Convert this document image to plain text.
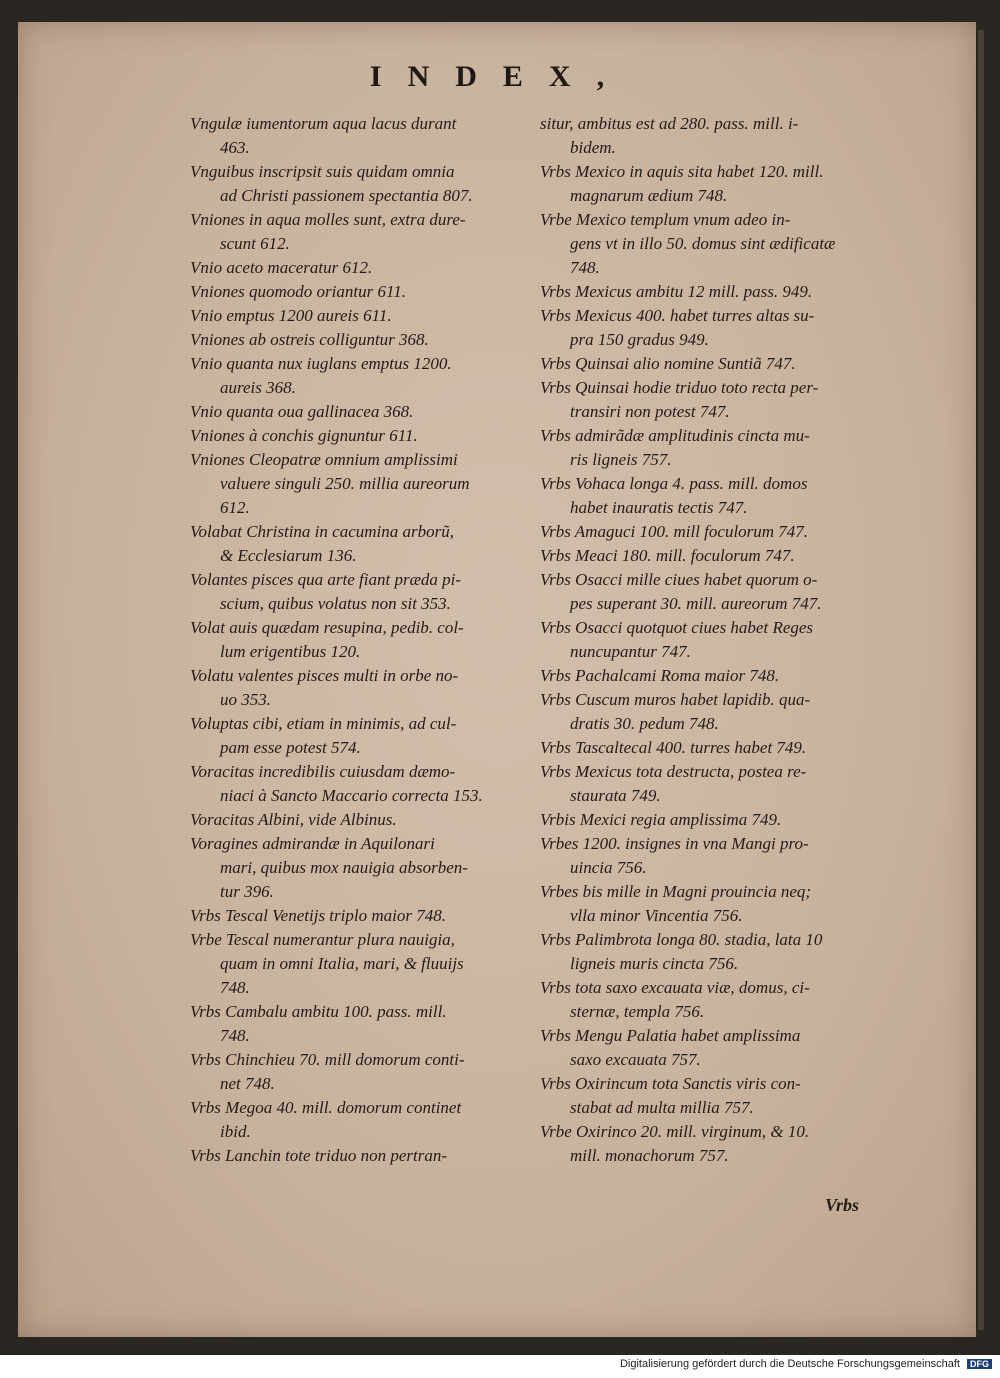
INDEX,
Vngulæ iumentorum aqua lacus durant
463.
Vnguibus inscripsit suis quidam omnia
ad Christi passionem spectantia 807.
Vniones in aqua molles sunt, extra dure-
scunt 612.
Vnio aceto maceratur 612.
Vniones quomodo oriantur 611.
Vnio emptus 1200 aureis 611.
Vniones ab ostreis colliguntur 368.
Vnio quanta nux iuglans emptus 1200.
aureis 368.
Vnio quanta oua gallinacea 368.
Vniones à conchis gignuntur 611.
Vniones Cleopatræ omnium amplissimi
valuere singuli 250. millia aureorum
612.
Volabat Christina in cacumina arborũ,
& Ecclesiarum 136.
Volantes pisces qua arte fiant prædа pi-
scium, quibus volatus non sit 353.
Volat auis quædam resupina, pedib. col-
lum erigentibus 120.
Volatu valentes pisces multi in orbe no-
uo 353.
Voluptas cibi, etiam in minimis, ad cul-
pam esse potest 574.
Voracitas incredibilis cuiusdam dæmo-
niaci à Sancto Maccario correcta 153.
Voracitas Albini, vide Albinus.
Voragines admirandæ in Aquilonari
mari, quibus mox nauigia absorben-
tur 396.
Vrbs Tescal Venetijs triplo maior 748.
Vrbe Tescal numerantur plura nauigia,
quam in omni Italia, mari, & fluuijs
748.
Vrbs Cambalu ambitu 100. pass. mill.
748.
Vrbs Chinchieu 70. mill domorum conti-
net 748.
Vrbs Megoa 40. mill. domorum continet
ibid.
Vrbs Lanchin tote triduo non pertran-
situr, ambitus est ad 280. pass. mill. i-
bidem.
Vrbs Mexico in aquis sita habet 120. mill.
magnarum ædium 748.
Vrbe Mexico templum vnum adeo in-
gens vt in illo 50. domus sint ædificatæ
748.
Vrbs Mexicus ambitu 12 mill. pass. 949.
Vrbs Mexicus 400. habet turres altas su-
pra 150 gradus 949.
Vrbs Quinsai alio nomine Suntiã 747.
Vrbs Quinsai hodie triduo toto recta per-
transiri non potest 747.
Vrbs admirãdæ amplitudinis cincta mu-
ris ligneis 757.
Vrbs Vohaca longa 4. pass. mill. domos
habet inauratis tectis 747.
Vrbs Amaguci 100. mill foculorum 747.
Vrbs Meaci 180. mill. foculorum 747.
Vrbs Osacci mille ciues habet quorum o-
pes superant 30. mill. aureorum 747.
Vrbs Osacci quotquot ciues habet Reges
nuncupantur 747.
Vrbs Pachalcami Roma maior 748.
Vrbs Cuscum muros habet lapidib. qua-
dratis 30. pedum 748.
Vrbs Tascaltecal 400. turres habet 749.
Vrbs Mexicus tota destructa, postea re-
staurata 749.
Vrbis Mexici regia amplissima 749.
Vrbes 1200. insignes in vna Mangi pro-
uincia 756.
Vrbes bis mille in Magni prouincia neq;
vlla minor Vincentia 756.
Vrbs Palimbrota longa 80. stadia, lata 10
ligneis muris cincta 756.
Vrbs tota saxo excauata viæ, domus, ci-
sternæ, templa 756.
Vrbs Mengu Palatia habet amplissima
saxo excauata 757.
Vrbs Oxirincum tota Sanctis viris con-
stabat ad multa millia 757.
Vrbe Oxirinco 20. mill. virginum, & 10.
mill. monachorum 757.
Vrbs
Digitalisierung gefördert durch die Deutsche Forschungsgemeinschaft DFG
